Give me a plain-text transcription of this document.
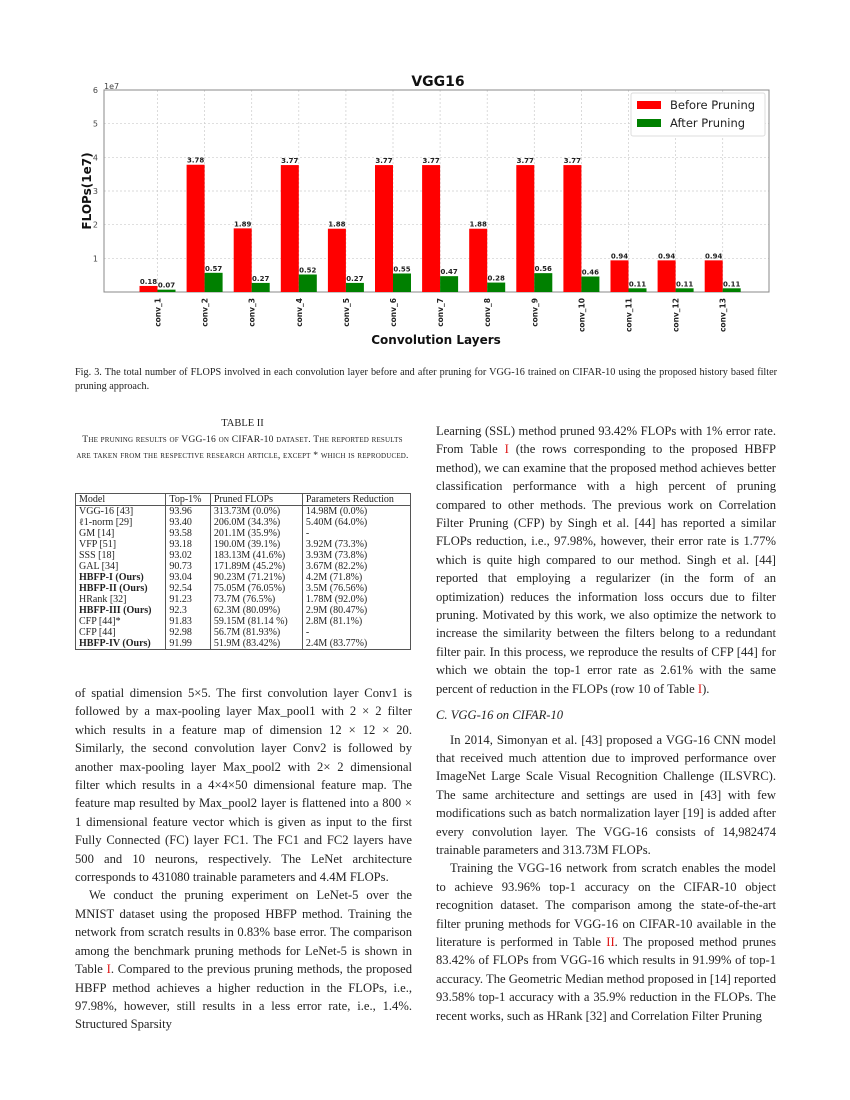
VGG16
1e7
1
2
3
4
5
6
0.18 0.07
3.78
0.57
1.89
0.27
3.77
0.52
1.88
0.27
3.77
0.55
3.77
0.47
1.88
0.28
3.77
0.56
3.77
0.46
0.94
0.11
0.94
0.11
0.94
0.11
conv_1	conv_2	conv_3	conv_4	conv_5	conv_6	conv_7	conv_8	conv_9	conv_10	conv_11	conv_12	conv_13
FLOPs(1e7)
Convolution Layers
Before Pruning
After Pruning
Fig. 3. The total number of FLOPS involved in each convolution layer before and after pruning for VGG-16 trained on CIFAR-10 using the proposed history based filter pruning approach.
TABLE II
The pruning results of VGG-16 on CIFAR-10 dataset. The reported results are taken from the respective research article, except * which is reproduced.
Model	Top-1%	Pruned FLOPs	Parameters Reduction
VGG-16 [43]	93.96	313.73M (0.0%)	14.98M (0.0%)
ℓ1-norm [29]	93.40	206.0M (34.3%)	5.40M (64.0%)
GM [14]	93.58	201.1M (35.9%)	-
VFP [51]	93.18	190.0M (39.1%)	3.92M (73.3%)
SSS [18]	93.02	183.13M (41.6%)	3.93M (73.8%)
GAL [34]	90.73	171.89M (45.2%)	3.67M (82.2%)
HBFP-I (Ours)	93.04	90.23M (71.21%)	4.2M (71.8%)
HBFP-II (Ours)	92.54	75.05M (76.05%)	3.5M (76.56%)
HRank [32]	91.23	73.7M (76.5%)	1.78M (92.0%)
HBFP-III (Ours)	92.3	62.3M (80.09%)	2.9M (80.47%)
CFP [44]*	91.83	59.15M (81.14 %)	2.8M (81.1%)
CFP [44]	92.98	56.7M (81.93%)	-
HBFP-IV (Ours)	91.99	51.9M (83.42%)	2.4M (83.77%)

of spatial dimension 5×5. The first convolution layer Conv1 is followed by a max-pooling layer Max_pool1 with 2 × 2 filter which results in a feature map of dimension 12 × 12 × 20. Similarly, the second convolution layer Conv2 is followed by another max-pooling layer Max_pool2 with 2× 2 dimensional filter which results in a 4×4×50 dimensional feature map. The feature map resulted by Max_pool2 layer is flattened into a 800 × 1 dimensional feature vector which is given as input to the first Fully Connected (FC) layer FC1. The FC1 and FC2 layers have 500 and 10 neurons, respectively. The LeNet architecture corresponds to 431080 trainable parameters and 4.4M FLOPs.

We conduct the pruning experiment on LeNet-5 over the MNIST dataset using the proposed HBFP method. Training the network from scratch results in 0.83% base error. The comparison among the benchmark pruning methods for LeNet-5 is shown in Table I. Compared to the previous pruning methods, the proposed HBFP method achieves a higher reduction in the FLOPs, i.e., 97.98%, however, still results in a less error rate, i.e., 1.4%. Structured Sparsity

Learning (SSL) method pruned 93.42% FLOPs with 1% error rate. From Table I (the rows corresponding to the proposed HBFP method), we can examine that the proposed method achieves better classification performance with a high percent of pruning compared to other methods. The previous work on Correlation Filter Pruning (CFP) by Singh et al. [44] has reported a similar FLOPs reduction, i.e., 97.98%, however, their error rate is 1.77% which is quite high compared to our method. Singh et al. [44] reported that employing a regularizer (in the form of an optimization) reduces the information loss occurs due to filter pruning. Motivated by this work, we also optimize the network to increase the similarity between the filters belong to a redundant filter pair. In this process, we reproduce the results of CFP [44] for which we obtain the top-1 error rate as 2.61% with the same percent of reduction in the FLOPs (row 10 of Table I).

C. VGG-16 on CIFAR-10

In 2014, Simonyan et al. [43] proposed a VGG-16 CNN model that received much attention due to improved performance over ImageNet Large Scale Visual Recognition Challenge (ILSVRC). The same architecture and settings are used in [43] with few modifications such as batch normalization layer [19] is added after every convolution layer. The VGG-16 consists of 14,982474 trainable parameters and 313.73M FLOPs.

Training the VGG-16 network from scratch enables the model to achieve 93.96% top-1 accuracy on the CIFAR-10 object recognition dataset. The comparison among the state-of-the-art filter pruning methods for VGG-16 on CIFAR-10 available in the literature is performed in Table II. The proposed method prunes 83.42% of FLOPs from VGG-16 which results in 91.99% of top-1 accuracy. The Geometric Median method proposed in [14] reported 93.58% top-1 accuracy with a 35.9% reduction in the FLOPs. The recent works, such as HRank [32] and Correlation Filter Pruning
